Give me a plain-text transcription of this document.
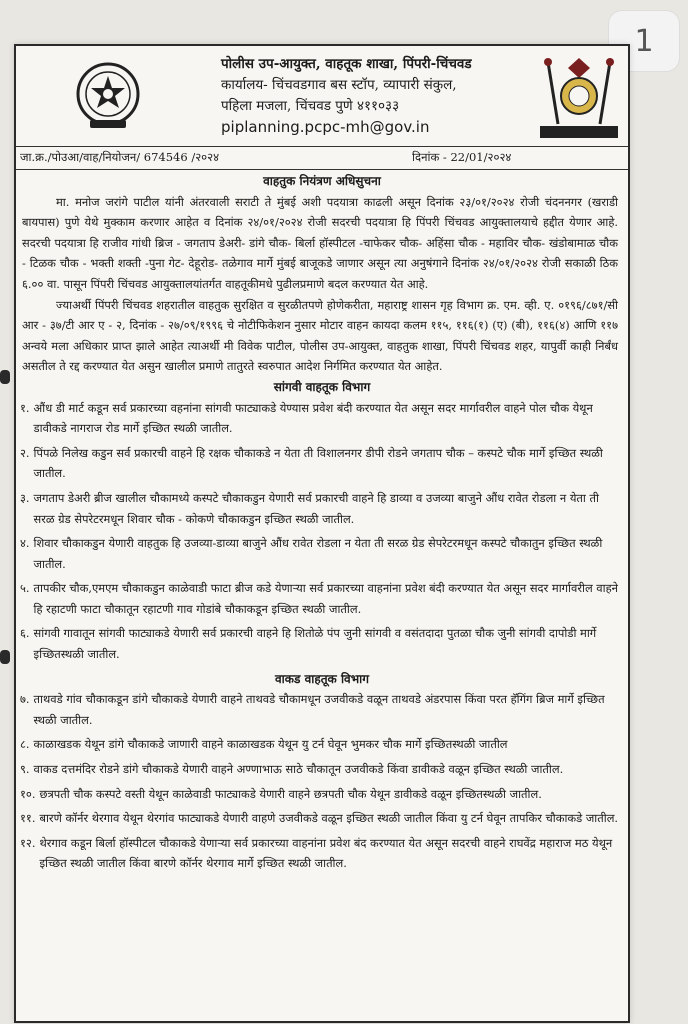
1
पोलीस उप-आयुक्त, वाहतूक शाखा, पिंपरी-चिंचवड
कार्यालय- चिंचवडगाव बस स्टॉप, व्यापारी संकुल,
पहिला मजला, चिंचवड पुणे ४११०३३
piplanning.pcpc-mh@gov.in
जा.क्र./पोउआ/वाह/नियोजन/ 674546 /२०२४	दिनांक - 22/01/२०२४
वाहतुक नियंत्रण अधिसुचना
मा. मनोज जरांगे पाटील यांनी अंतरवाली सराटी ते मुंबई अशी पदयात्रा काढली असून दिनांक २३/०१/२०२४ रोजी चंदननगर (खराडी बायपास) पुणे येथे मुक्काम करणार आहेत व दिनांक २४/०१/२०२४ रोजी सदरची पदयात्रा हि पिंपरी चिंचवड आयुक्तालयाचे हद्दीत येणार आहे. सदरची पदयात्रा हि राजीव गांधी ब्रिज - जगताप डेअरी- डांगे चौक- बिर्ला हॉस्पीटल -चाफेकर चौक- अहिंसा चौक - महाविर चौक- खंडोबामाळ चौक - टिळक चौक - भक्ती शक्ती -पुना गेट- देहूरोड- तळेगाव मार्गे मुंबई बाजूकडे जाणार असून त्या अनुषंगाने दिनांक २४/०१/२०२४ रोजी सकाळी ठिक ६.०० वा. पासून पिंपरी चिंचवड आयुक्तालयांतर्गत वाहतूकीमधे पुढीलप्रमाणे बदल करण्यात येत आहे.
ज्याअर्थी पिंपरी चिंचवड शहरातील वाहतुक सुरक्षित व सुरळीतपणे होणेकरीता, महाराष्ट्र शासन गृह विभाग क्र. एम. व्ही. ए. ०१९६/८७१/सी आर - ३७/टी आर ए - २, दिनांक - २७/०९/१९९६ चे नोटीफिकेशन नुसार मोटार वाहन कायदा कलम ११५, ११६(१) (ए) (बी), ११६(४) आणि ११७ अन्वये मला अधिकार प्राप्त झाले आहेत त्याअर्थी मी विवेक पाटील, पोलीस उप-आयुक्त, वाहतुक शाखा, पिंपरी चिंचवड शहर, यापुर्वी काही निर्बंध असतील ते रद्द करण्यात येत असुन खालील प्रमाणे तातुरते स्वरुपात आदेश निर्गमित करण्यात येत आहेत.
सांगवी वाहतूक विभाग
१. औंध डी मार्ट कडून सर्व प्रकारच्या वहनांना सांगवी फाट्याकडे येण्यास प्रवेश बंदी करण्यात येत असून सदर मार्गावरील वाहने पोल चौक येथून डावीकडे नागराज रोड मार्गे इच्छित स्थळी जातील.
२. पिंपळे निलेख कडुन सर्व प्रकारची वाहने हि रक्षक चौकाकडे न येता ती विशालनगर डीपी रोडने जगताप चौक – कस्पटे चौक मार्गे इच्छित स्थळी जातील.
३. जगताप डेअरी ब्रीज खालील चौकामध्ये कस्पटे चौकाकडुन येणारी सर्व प्रकारची वाहने हि डाव्या व उजव्या बाजुने औंध रावेत रोडला न येता ती सरळ ग्रेड सेपरेटरमधून शिवार चौक - कोकणे चौकाकडुन इच्छित स्थळी जातील.
४. शिवार चौकाकडुन येणारी वाहतुक हि उजव्या-डाव्या बाजुने औंध रावेत रोडला न येता ती सरळ ग्रेड सेपरेटरमधून कस्पटे चौकातुन इच्छित स्थळी जातील.
५. तापकीर चौक,एमएम चौकाकडुन काळेवाडी फाटा ब्रीज कडे येणाऱ्या सर्व प्रकारच्या वाहनांना प्रवेश बंदी करण्यात येत असून सदर मार्गावरील वाहने हि रहाटणी फाटा चौकातून रहाटणी गाव गोडांबे चौकाकडून इच्छित स्थळी जातील.
६. सांगवी गावातून सांगवी फाट्याकडे येणारी सर्व प्रकारची वाहने हि शितोळे पंप जुनी सांगवी व वसंतदादा पुतळा चौक जुनी सांगवी दापोडी मार्गे इच्छितस्थळी जातील.
वाकड वाहतूक विभाग
७. ताथवडे गांव चौकाकडून डांगे चौकाकडे येणारी वाहने ताथवडे चौकामधून उजवीकडे वळून ताथवडे अंडरपास किंवा परत हॅगिंग ब्रिज मार्गे इच्छित स्थळी जातील.
८. काळाखडक येथून डांगे चौकाकडे जाणारी वाहने काळाखडक येथून यु टर्न घेवून भुमकर चौक मार्गे इच्छितस्थळी जातील
९. वाकड दत्तमंदिर रोडने डांगे चौकाकडे येणारी वाहने अण्णाभाऊ साठे चौकातून उजवीकडे किंवा डावीकडे वळून इच्छित स्थळी जातील.
१०. छत्रपती चौक कस्पटे वस्ती येथून काळेवाडी फाट्याकडे येणारी वाहने छत्रपती चौक येथून डावीकडे वळून इच्छितस्थळी जातील.
११. बारणे कॉर्नर थेरगाव येथून थेरगांव फाट्याकडे येणारी वाहणे उजवीकडे वळून इच्छित स्थळी जातील किंवा यु टर्न घेवून तापकिर चौकाकडे जातील.
१२. थेरगाव कडून बिर्ला हॉस्पीटल चौकाकडे येणाऱ्या सर्व प्रकारच्या वाहनांना प्रवेश बंद करण्यात येत असून सदरची वाहने राघवेंद्र महाराज मठ येथून इच्छित स्थळी जातील किंवा बारणे कॉर्नर थेरगाव मार्गे इच्छित स्थळी जातील.
